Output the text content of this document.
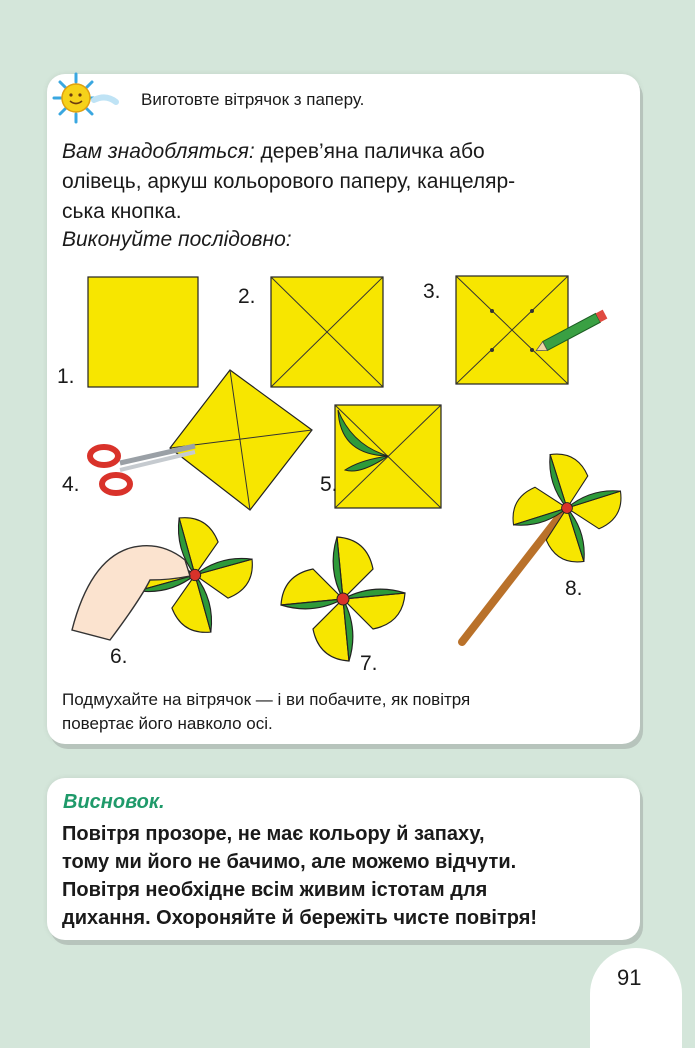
Виготовте вітрячок з паперу.
Вам знадобляться: дерев’яна паличка або
олівець, аркуш кольорового паперу, канцеляр-
ська кнопка.
Виконуйте послідовно:
1.
2.	3.
4.	5.
6.	7.
8.
Подмухайте на вітрячок — і ви побачите, як повітря
повертає його навколо осі.
Висновок.
Повітря прозоре, не має кольору й запаху,
тому ми його не бачимо, але можемо відчути.
Повітря необхідне всім живим істотам для
дихання. Охороняйте й бережіть чисте повітря!
91
